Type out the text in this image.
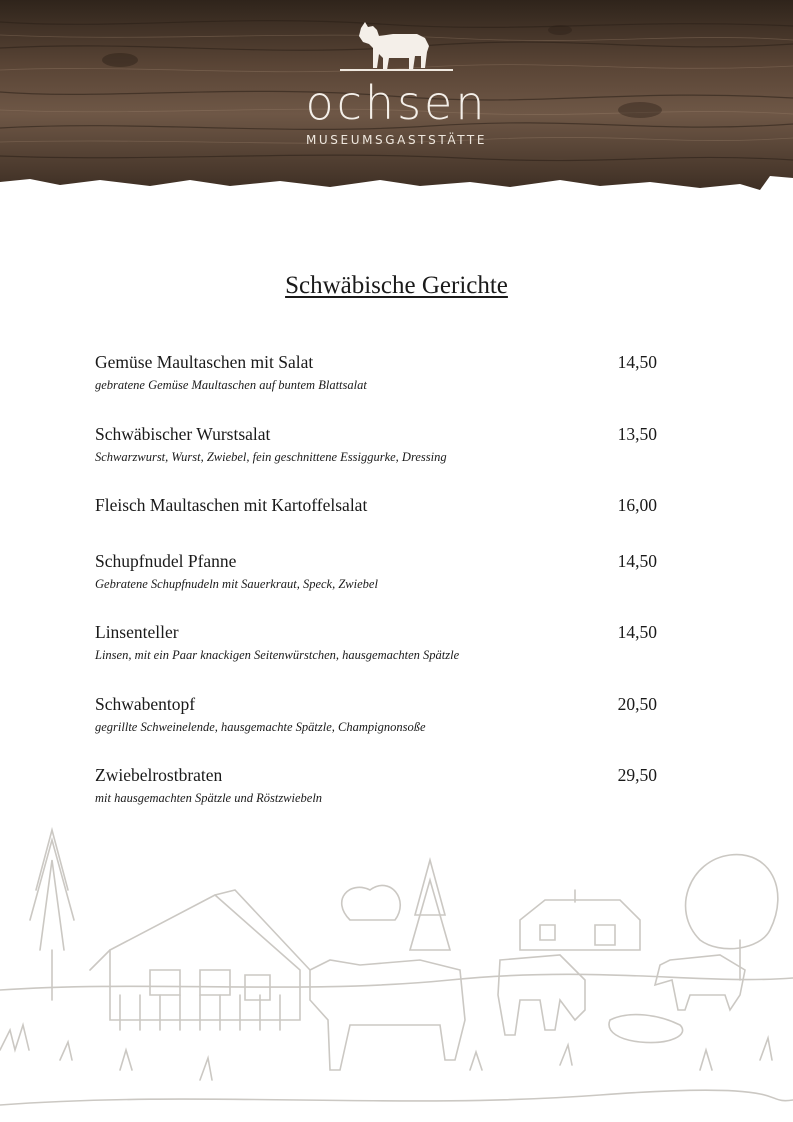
ochsen
MUSEUMSGASTSTÄTTE
Schwäbische Gerichte
Gemüse Maultaschen mit Salat	14,50
gebratene Gemüse Maultaschen auf buntem Blattsalat
Schwäbischer Wurstsalat	13,50
Schwarzwurst, Wurst, Zwiebel, fein geschnittene Essiggurke, Dressing
Fleisch Maultaschen mit Kartoffelsalat	16,00
Schupfnudel Pfanne	14,50
Gebratene Schupfnudeln mit Sauerkraut, Speck, Zwiebel
Linsenteller	14,50
Linsen, mit ein Paar knackigen Seitenwürstchen, hausgemachten Spätzle
Schwabentopf	20,50
gegrillte Schweinelende, hausgemachte Spätzle, Champignonsoße
Zwiebelrostbraten	29,50
mit hausgemachten Spätzle und Röstzwiebeln
